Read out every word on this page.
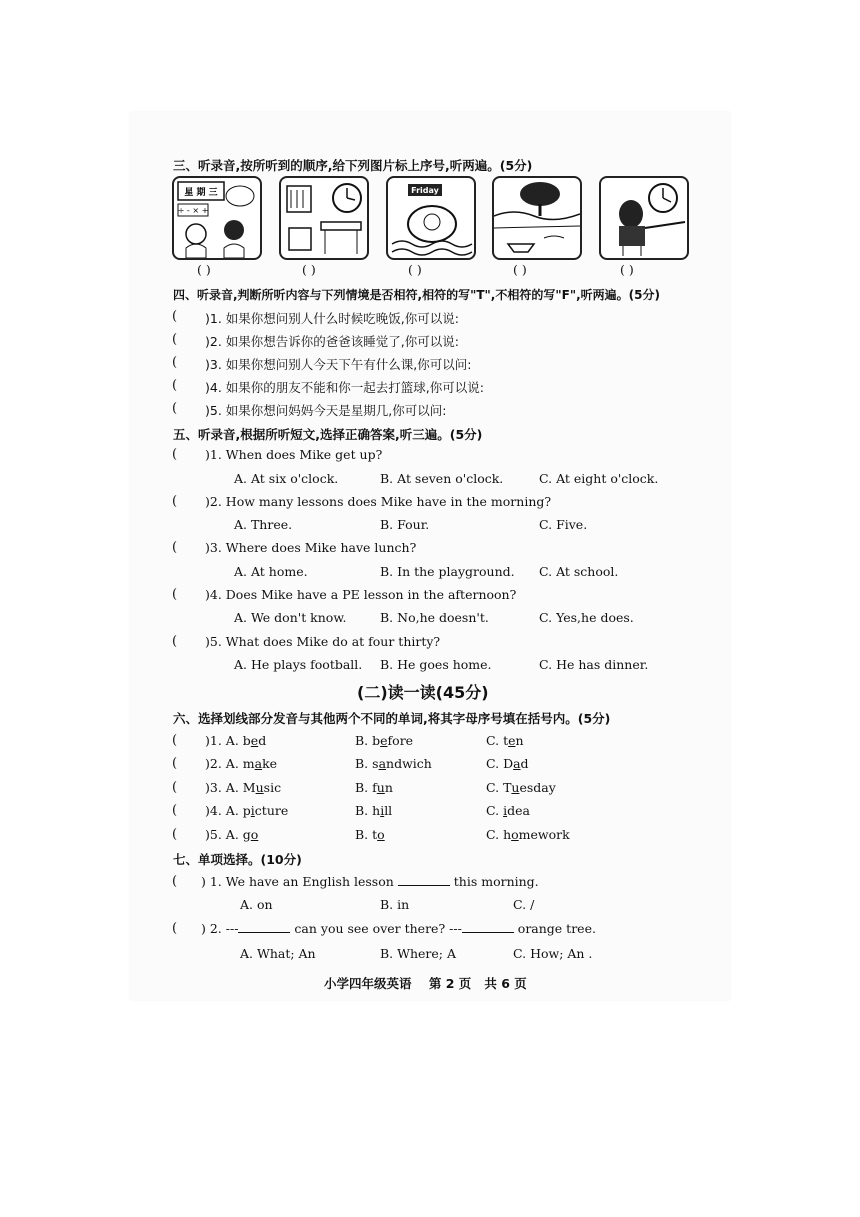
三、听录音,按所听到的顺序,给下列图片标上序号,听两遍。(5分)
星 期 三
÷ - × +
Friday
( )	( )	( )	( )	( )
四、听录音,判断所听内容与下列情境是否相符,相符的写"T",不相符的写"F",听两遍。(5分)
( )1. 如果你想问别人什么时候吃晚饭,你可以说:
( )2. 如果你想告诉你的爸爸该睡觉了,你可以说:
( )3. 如果你想问别人今天下午有什么课,你可以问:
( )4. 如果你的朋友不能和你一起去打篮球,你可以说:
( )5. 如果你想问妈妈今天是星期几,你可以问:
五、听录音,根据所听短文,选择正确答案,听三遍。(5分)
( )1. When does Mike get up?
A. At six o'clock.	B. At seven o'clock.	C. At eight o'clock.
( )2. How many lessons does Mike have in the morning?
A. Three.	B. Four.	C. Five.
( )3. Where does Mike have lunch?
A. At home.	B. In the playground. C. At school.
( )4. Does Mike have a PE lesson in the afternoon?
A. We don't know.	B. No,he doesn't.	C. Yes,he does.
( )5. What does Mike do at four thirty?
A. He plays football. B. He goes home.	C. He has dinner.
(二)读一读(45分)
六、选择划线部分发音与其他两个不同的单词,将其字母序号填在括号内。(5分)
( )1. A. bed	B. before	C. ten
( )2. A. make	B. sandwich	C. Dad
( )3. A. Music	B. fun	C. Tuesday
( )4. A. picture	B. hill	C. idea
( )5. A. go	B. to	C. homework
七、单项选择。(10分)
( ) 1. We have an English lesson	this morning.
A. on	B. in	C. /
( ) 2. ---	can you see over there? ---	orange tree.
A. What; An	B. Where; A	C. How; An .
小学四年级英语    第 2 页   共 6 页
